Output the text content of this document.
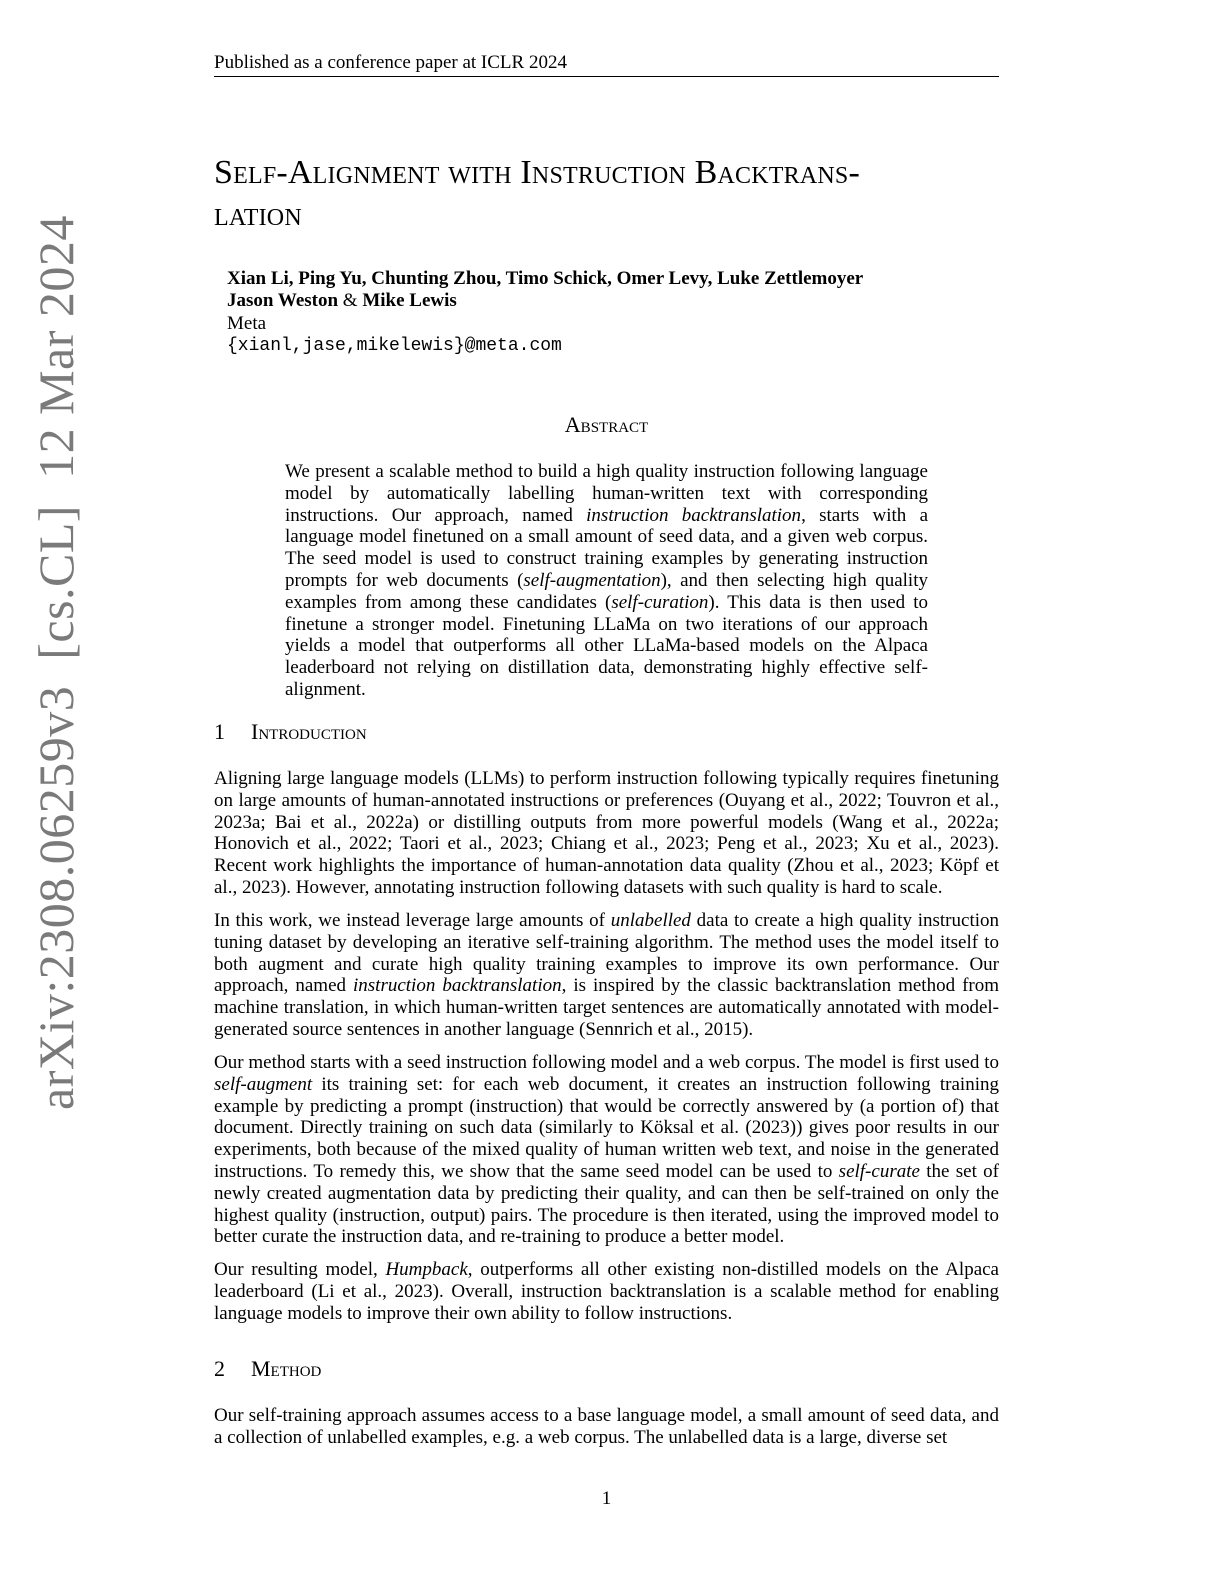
Published as a conference paper at ICLR 2024
Self-Alignment with Instruction Backtrans-
lation
Xian Li, Ping Yu, Chunting Zhou, Timo Schick, Omer Levy, Luke Zettlemoyer
Jason Weston & Mike Lewis
Meta
{xianl,jase,mikelewis}@meta.com
arXiv:2308.06259v3  [cs.CL]  12 Mar 2024	Abstract

We present a scalable method to build a high quality instruction following language model by automatically labelling human-written text with corresponding instructions. Our approach, named instruction backtranslation, starts with a language model finetuned on a small amount of seed data, and a given web corpus. The seed model is used to construct training examples by generating instruction prompts for web documents (self-augmentation), and then selecting high quality examples from among these candidates (self-curation). This data is then used to finetune a stronger model. Finetuning LLaMa on two iterations of our approach yields a model that outperforms all other LLaMa-based models on the Alpaca leaderboard not relying on distillation data, demonstrating highly effective self-alignment.

1 Introduction

Aligning large language models (LLMs) to perform instruction following typically requires finetuning on large amounts of human-annotated instructions or preferences (Ouyang et al., 2022; Touvron et al., 2023a; Bai et al., 2022a) or distilling outputs from more powerful models (Wang et al., 2022a; Honovich et al., 2022; Taori et al., 2023; Chiang et al., 2023; Peng et al., 2023; Xu et al., 2023). Recent work highlights the importance of human-annotation data quality (Zhou et al., 2023; Köpf et al., 2023). However, annotating instruction following datasets with such quality is hard to scale.

In this work, we instead leverage large amounts of unlabelled data to create a high quality instruction tuning dataset by developing an iterative self-training algorithm. The method uses the model itself to both augment and curate high quality training examples to improve its own performance. Our approach, named instruction backtranslation, is inspired by the classic backtranslation method from machine translation, in which human-written target sentences are automatically annotated with model-generated source sentences in another language (Sennrich et al., 2015).

Our method starts with a seed instruction following model and a web corpus. The model is first used to self-augment its training set: for each web document, it creates an instruction following training example by predicting a prompt (instruction) that would be correctly answered by (a portion of) that document. Directly training on such data (similarly to Köksal et al. (2023)) gives poor results in our experiments, both because of the mixed quality of human written web text, and noise in the generated instructions. To remedy this, we show that the same seed model can be used to self-curate the set of newly created augmentation data by predicting their quality, and can then be self-trained on only the highest quality (instruction, output) pairs. The procedure is then iterated, using the improved model to better curate the instruction data, and re-training to produce a better model.

Our resulting model, Humpback, outperforms all other existing non-distilled models on the Alpaca leaderboard (Li et al., 2023). Overall, instruction backtranslation is a scalable method for enabling language models to improve their own ability to follow instructions.

2 Method

Our self-training approach assumes access to a base language model, a small amount of seed data, and a collection of unlabelled examples, e.g. a web corpus. The unlabelled data is a large, diverse set

1
